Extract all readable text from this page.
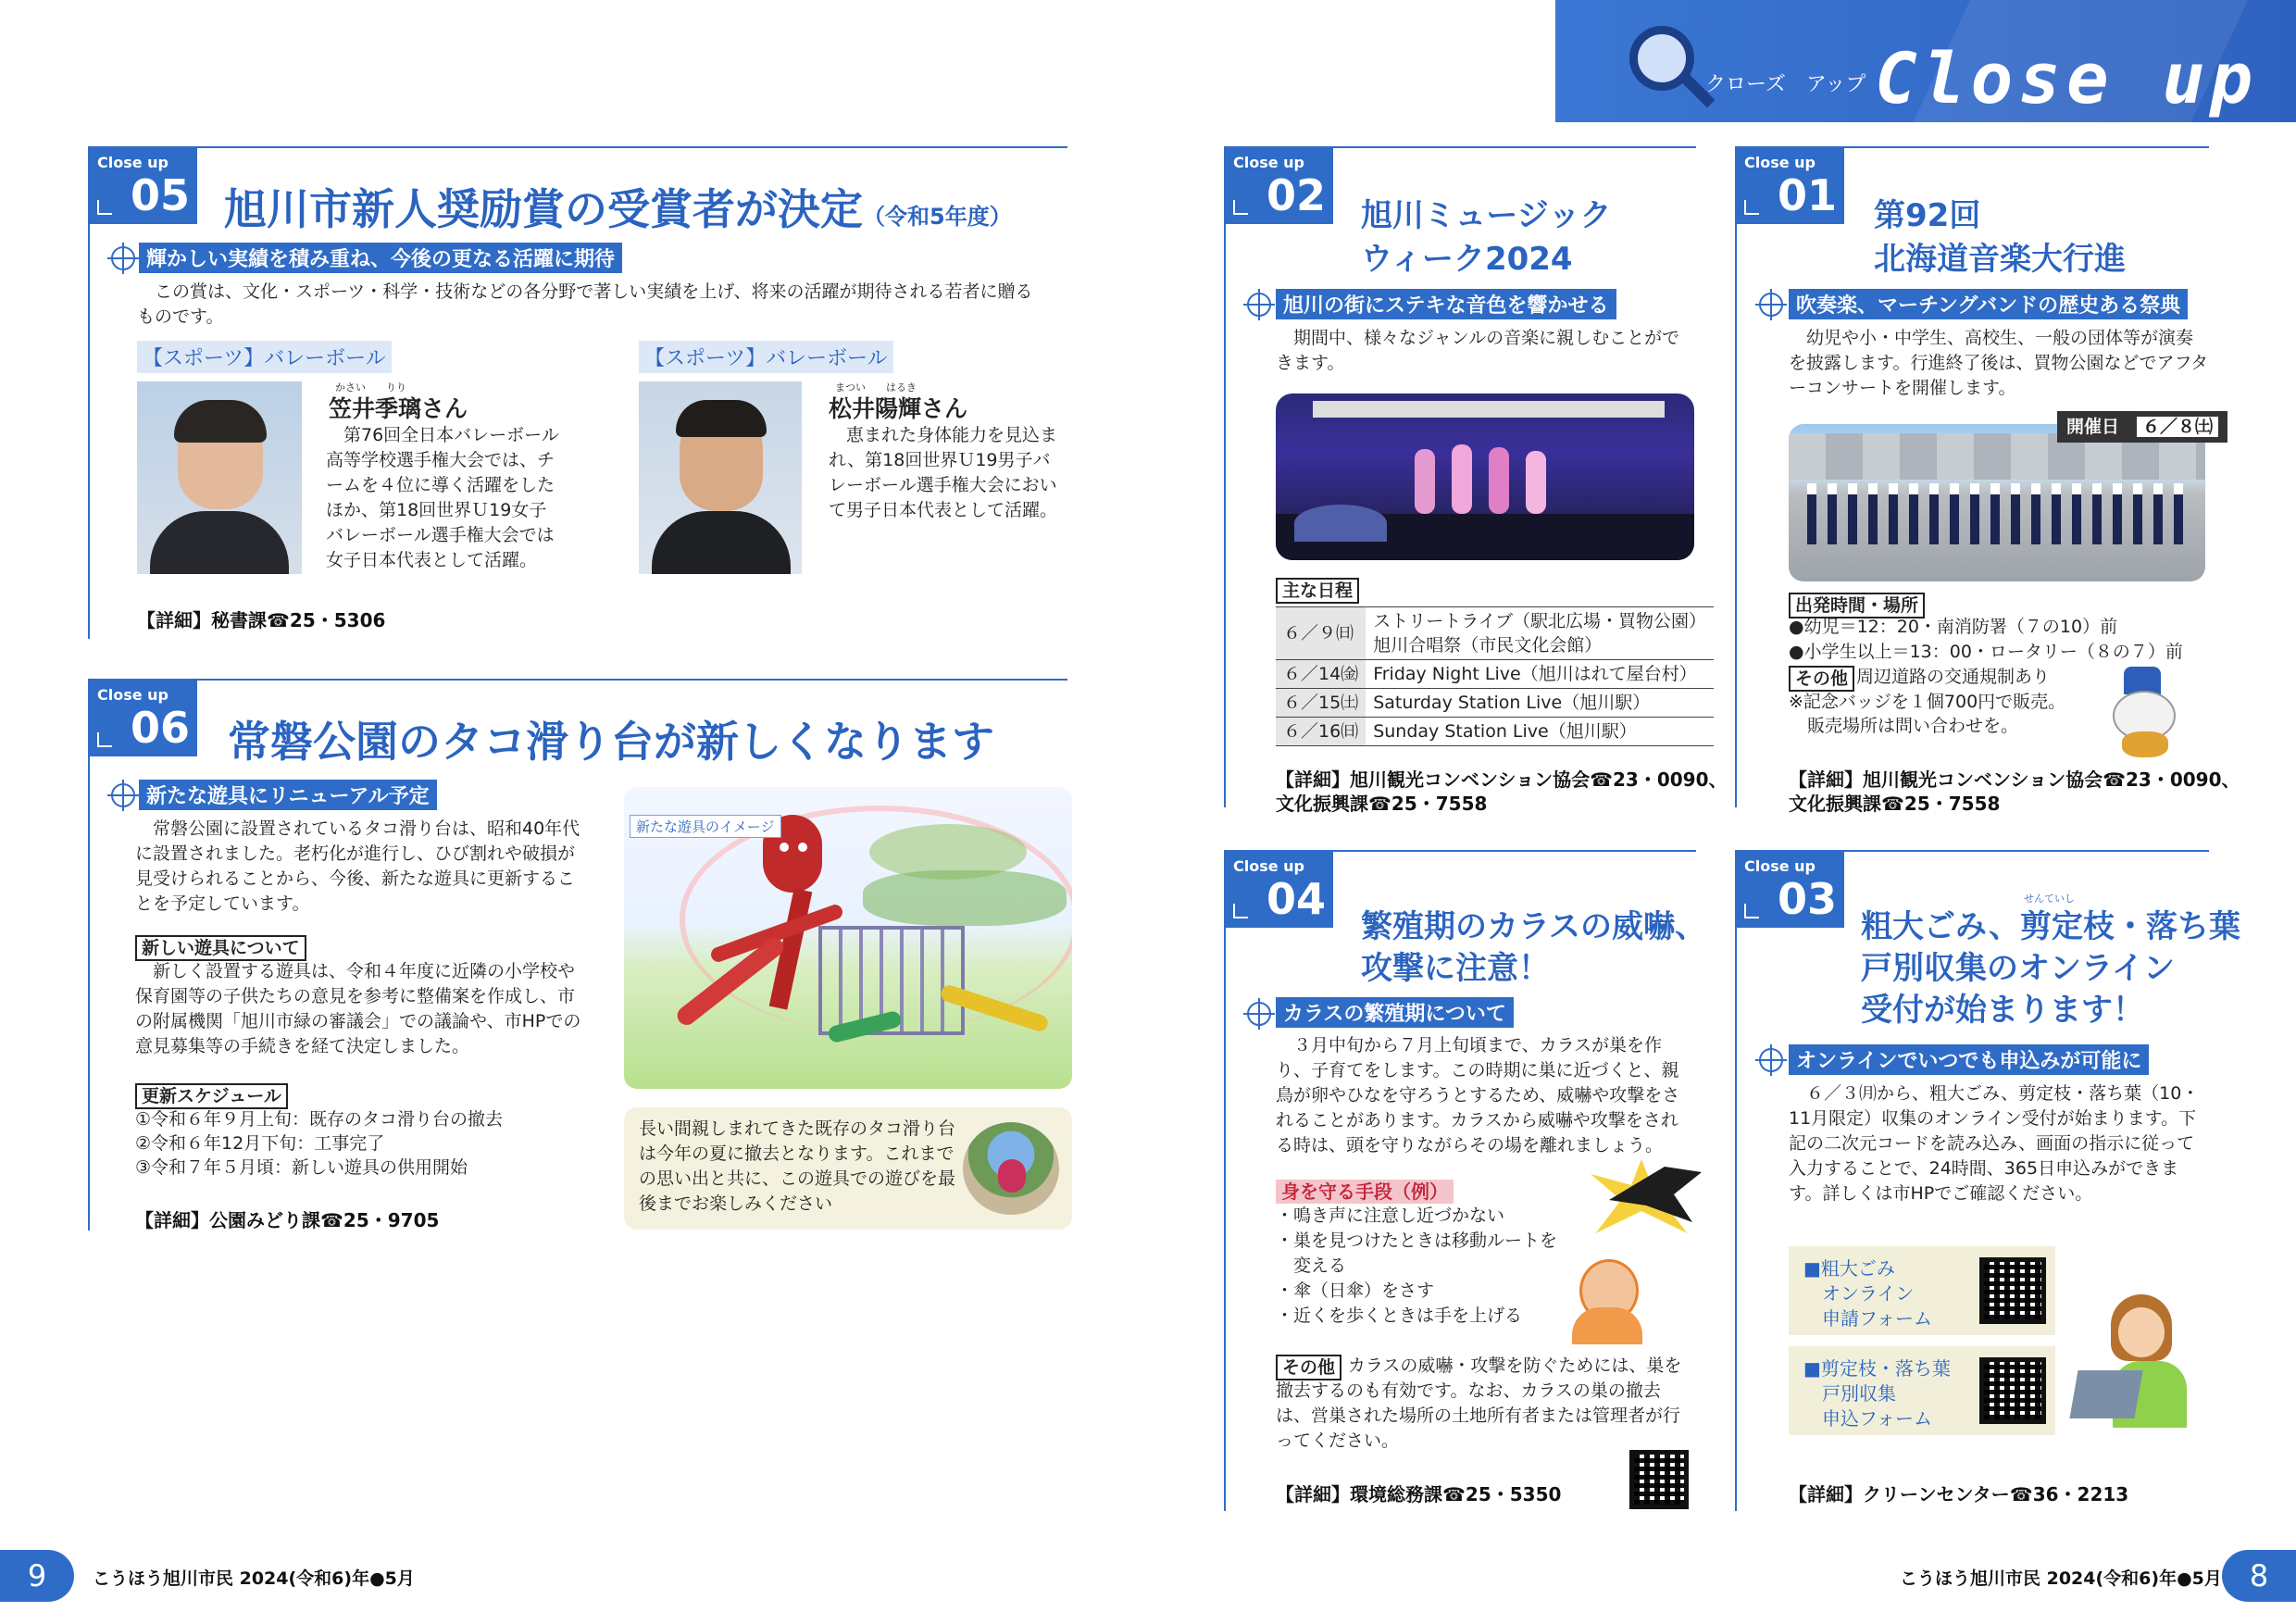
クローズ　アップ Close up
Close up
05 旭川市新人奨励賞の受賞者が決定（令和5年度）
輝かしい実績を積み重ね、今後の更なる活躍に期待
この賞は、文化・スポーツ・科学・技術などの各分野で著しい実績を上げ、将来の活躍が期待される若者に贈るものです。
【スポーツ】バレーボール
かさい　　りり
笠井季璃さん
第76回全日本バレーボール高等学校選手権大会では、チームを４位に導く活躍をしたほか、第18回世界Ｕ19女子バレーボール選手権大会では女子日本代表として活躍。
【スポーツ】バレーボール
まつい　　はるき
松井陽輝さん
恵まれた身体能力を見込まれ、第18回世界Ｕ19男子バレーボール選手権大会において男子日本代表として活躍。
【詳細】秘書課☎25・5306
Close up
06 常磐公園のタコ滑り台が新しくなります
新たな遊具にリニューアル予定
常磐公園に設置されているタコ滑り台は、昭和40年代に設置されました。老朽化が進行し、ひび割れや破損が見受けられることから、今後、新たな遊具に更新することを予定しています。
新しい遊具について
新しく設置する遊具は、令和４年度に近隣の小学校や保育園等の子供たちの意見を参考に整備案を作成し、市の附属機関「旭川市緑の審議会」での議論や、市HPでの意見募集等の手続きを経て決定しました。
更新スケジュール
①令和６年９月上旬：既存のタコ滑り台の撤去
②令和６年12月下旬：工事完了
③令和７年５月頃：新しい遊具の供用開始
【詳細】公園みどり課☎25・9705
新たな遊具のイメージ
長い間親しまれてきた既存のタコ滑り台は今年の夏に撤去となります。これまでの思い出と共に、この遊具での遊びを最後までお楽しみください
Close up
02 旭川ミュージック
ウィーク2024
旭川の街にステキな音色を響かせる
期間中、様々なジャンルの音楽に親しむことができます。
主な日程
６／９㈰	ストリートライブ（駅北広場・買物公園）
旭川合唱祭（市民文化会館）
６／14㈮	Friday Night Live（旭川はれて屋台村）
６／15㈯	Saturday Station Live（旭川駅）
６／16㈰	Sunday Station Live（旭川駅）
【詳細】旭川観光コンベンション協会☎23・0090、
文化振興課☎25・7558
Close up
01 第92回
北海道音楽大行進
吹奏楽、マーチングバンドの歴史ある祭典
幼児や小・中学生、高校生、一般の団体等が演奏を披露します。行進終了後は、買物公園などでアフターコンサートを開催します。
開催日　 ６／８㈯
出発時間・場所
●幼児＝12：20・南消防署（７の10）前
●小学生以上＝13：00・ロータリー（８の７）前
その他 周辺道路の交通規制あり
※記念バッジを１個700円で販売。
販売場所は問い合わせを。
【詳細】旭川観光コンベンション協会☎23・0090、
文化振興課☎25・7558
Close up
04
繁殖期のカラスの威嚇、
攻撃に注意！
カラスの繁殖期について
３月中旬から７月上旬頃まで、カラスが巣を作り、子育てをします。この時期に巣に近づくと、親鳥が卵やひなを守ろうとするため、威嚇や攻撃をされることがあります。カラスから威嚇や攻撃をされる時は、頭を守りながらその場を離れましょう。
身を守る手段（例）
・鳴き声に注意し近づかない
・巣を見つけたときは移動ルートを
　変える
・傘（日傘）をさす
・近くを歩くときは手を上げる
その他 カラスの威嚇・攻撃を防ぐためには、巣を撤去するのも有効です。なお、カラスの巣の撤去は、営巣された場所の土地所有者または管理者が行ってください。
【詳細】環境総務課☎25・5350
Close up
03	せんていし
粗大ごみ、剪定枝・落ち葉
戸別収集のオンライン
受付が始まります！
オンラインでいつでも申込みが可能に
６／３㈪から、粗大ごみ、剪定枝・落ち葉（10・11月限定）収集のオンライン受付が始まります。下記の二次元コードを読み込み、画面の指示に従って入力することで、24時間、365日申込みができます。詳しくは市HPでご確認ください。
■粗大ごみ
オンライン
申請フォーム
■剪定枝・落ち葉
戸別収集
申込フォーム
【詳細】クリーンセンター☎36・2213
9	こうほう旭川市民 2024(令和6)年●5月	こうほう旭川市民 2024(令和6)年●5月 8
